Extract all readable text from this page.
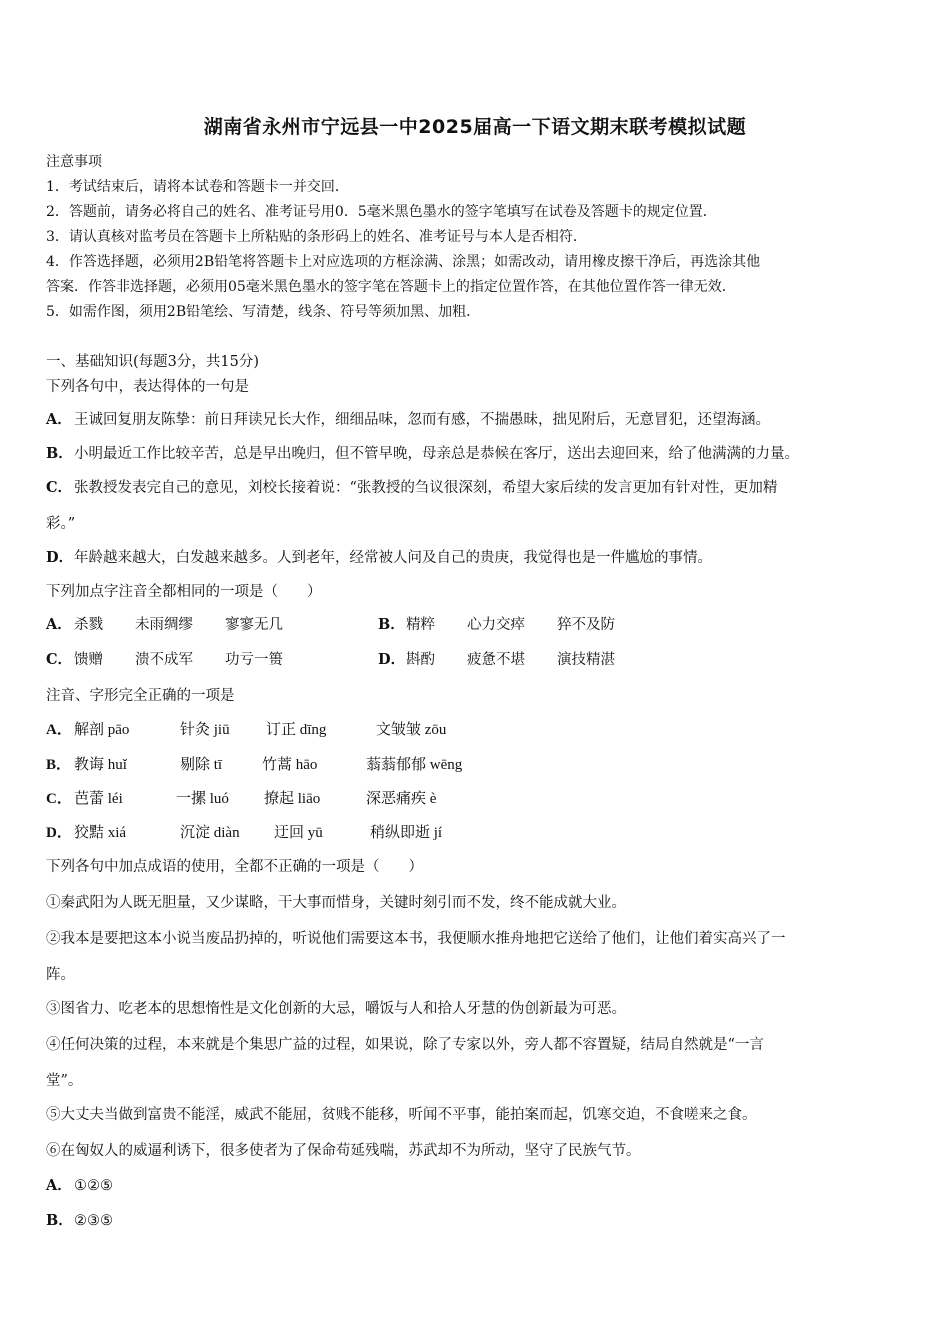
湖南省永州市宁远县一中2025届高一下语文期末联考模拟试题
注意事项
1．考试结束后，请将本试卷和答题卡一并交回．
2．答题前，请务必将自己的姓名、准考证号用0．5毫米黑色墨水的签字笔填写在试卷及答题卡的规定位置．
3．请认真核对监考员在答题卡上所粘贴的条形码上的姓名、准考证号与本人是否相符．
4．作答选择题，必须用2B铅笔将答题卡上对应选项的方框涂满、涂黑；如需改动，请用橡皮擦干净后，再选涂其他
答案．作答非选择题，必须用05毫米黑色墨水的签字笔在答题卡上的指定位置作答，在其他位置作答一律无效．
5．如需作图，须用2B铅笔绘、写清楚，线条、符号等须加黑、加粗．
一、基础知识(每题3分，共15分)
下列各句中，表达得体的一句是
A． 王诚回复朋友陈挚：前日拜读兄长大作，细细品味，忽而有感，不揣愚昧，拙见附后，无意冒犯，还望海涵。
B．小明最近工作比较辛苦，总是早出晚归，但不管早晚，母亲总是恭候在客厅，送出去迎回来，给了他满满的力量。
C． 张教授发表完自己的意见，刘校长接着说：“张教授的刍议很深刻，希望大家后续的发言更加有针对性，更加精
彩。”
D．年龄越来越大，白发越来越多。人到老年，经常被人问及自己的贵庚，我觉得也是一件尴尬的事情。
下列加点字注音全都相同的一项是（　　）
A． 杀戮 未雨绸缪 寥寥无几	B．精粹 心力交瘁 猝不及防
C． 馈赠 溃不成军 功亏一篑	D．斟酌 疲惫不堪 演技精湛
注音、字形完全正确的一项是
A． 解剖 pāo	针灸 jiū 订正 dīng	文皱皱 zōu
B． 教诲 huǐ	剔除 tī	竹蒿 hāo	蓊蓊郁郁 wēng
C． 芭蕾 léi	一摞 luó 撩起 liāo	深恶痛疾 è
D． 狡黠 xiá	沉淀 diàn 迂回 yū	稍纵即逝 jí
下列各句中加点成语的使用，全都不正确的一项是（　　）
①秦武阳为人既无胆量，又少谋略，干大事而惜身，关键时刻引而不发，终不能成就大业。
②我本是要把这本小说当废品扔掉的，听说他们需要这本书，我便顺水推舟地把它送给了他们，让他们着实高兴了一
阵。
③图省力、吃老本的思想惰性是文化创新的大忌，嚼饭与人和拾人牙慧的伪创新最为可恶。
④任何决策的过程，本来就是个集思广益的过程，如果说，除了专家以外，旁人都不容置疑，结局自然就是“一言
堂”。
⑤大丈夫当做到富贵不能淫，威武不能屈，贫贱不能移，听闻不平事，能拍案而起，饥寒交迫，不食嗟来之食。
⑥在匈奴人的威逼利诱下，很多使者为了保命苟延残喘，苏武却不为所动，坚守了民族气节。
A． ①②⑤
B．②③⑤
